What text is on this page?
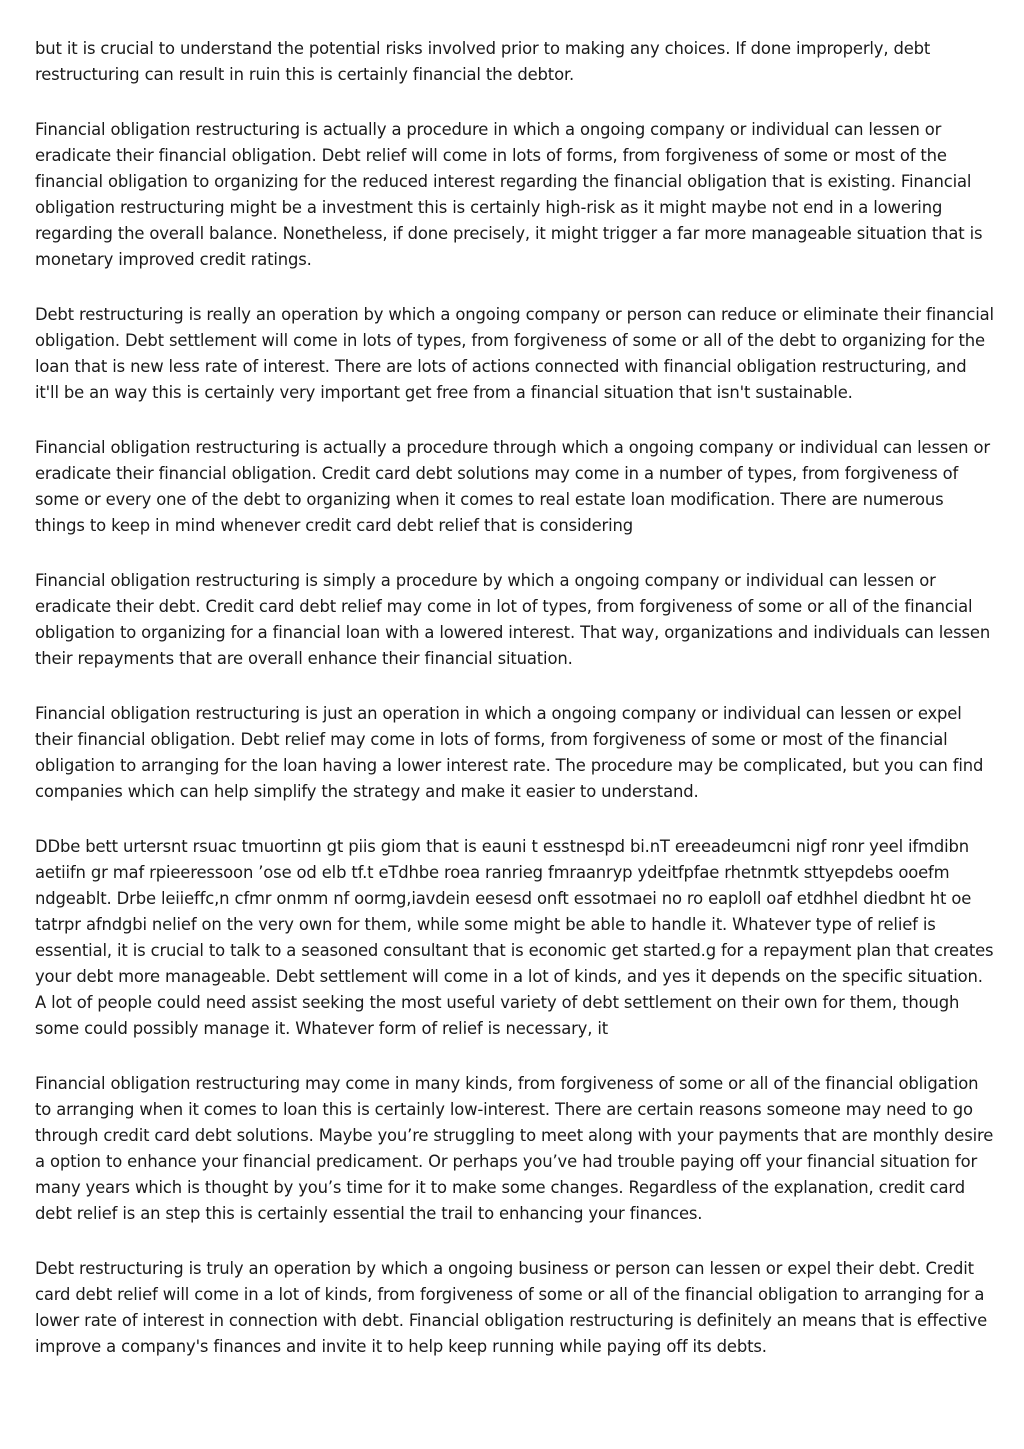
but it is crucial to understand the potential risks involved prior to making any choices. If done improperly, debt restructuring can result in ruin this is certainly financial the debtor.

Financial obligation restructuring is actually a procedure in which a ongoing company or individual can lessen or eradicate their financial obligation. Debt relief will come in lots of forms, from forgiveness of some or most of the financial obligation to organizing for the reduced interest regarding the financial obligation that is existing. Financial obligation restructuring might be a investment this is certainly high-risk as it might maybe not end in a lowering regarding the overall balance. Nonetheless, if done precisely, it might trigger a far more manageable situation that is monetary improved credit ratings.

Debt restructuring is really an operation by which a ongoing company or person can reduce or eliminate their financial obligation. Debt settlement will come in lots of types, from forgiveness of some or all of the debt to organizing for the loan that is new less rate of interest. There are lots of actions connected with financial obligation restructuring, and it'll be an way this is certainly very important get free from a financial situation that isn't sustainable.

Financial obligation restructuring is actually a procedure through which a ongoing company or individual can lessen or eradicate their financial obligation. Credit card debt solutions may come in a number of types, from forgiveness of some or every one of the debt to organizing when it comes to real estate loan modification. There are numerous things to keep in mind whenever credit card debt relief that is considering

Financial obligation restructuring is simply a procedure by which a ongoing company or individual can lessen or eradicate their debt. Credit card debt relief may come in lot of types, from forgiveness of some or all of the financial obligation to organizing for a financial loan with a lowered interest. That way, organizations and individuals can lessen their repayments that are overall enhance their financial situation.

Financial obligation restructuring is just an operation in which a ongoing company or individual can lessen or expel their financial obligation. Debt relief may come in lots of forms, from forgiveness of some or most of the financial obligation to arranging for the loan having a lower interest rate. The procedure may be complicated, but you can find companies which can help simplify the strategy and make it easier to understand.

DDbe bett urtersnt rsuac tmuortinn gt piis giom that is eauni t esstnespd bi.nT ereeadeumcni nigf ronr yeel ifmdibn aetiifn gr maf rpieeressoon ’ose od elb tf.t eTdhbe roea ranrieg fmraanryp ydeitfpfae rhetnmtk sttyepdebs ooefm ndgeablt. Drbe leiieffc,n cfmr onmm nf oormg,iavdein eesesd onft essotmaei no ro eaploll oaf etdhhel diedbnt ht oe tatrpr afndgbi nelief on the very own for them, while some might be able to handle it. Whatever type of relief is essential, it is crucial to talk to a seasoned consultant that is economic get started.g for a repayment plan that creates your debt more manageable. Debt settlement will come in a lot of kinds, and yes it depends on the specific situation. A lot of people could need assist seeking the most useful variety of debt settlement on their own for them, though some could possibly manage it. Whatever form of relief is necessary, it

Financial obligation restructuring may come in many kinds, from forgiveness of some or all of the financial obligation to arranging when it comes to loan this is certainly low-interest. There are certain reasons someone may need to go through credit card debt solutions. Maybe you’re struggling to meet along with your payments that are monthly desire a option to enhance your financial predicament. Or perhaps you’ve had trouble paying off your financial situation for many years which is thought by you’s time for it to make some changes. Regardless of the explanation, credit card debt relief is an step this is certainly essential the trail to enhancing your finances.

Debt restructuring is truly an operation by which a ongoing business or person can lessen or expel their debt. Credit card debt relief will come in a lot of kinds, from forgiveness of some or all of the financial obligation to arranging for a lower rate of interest in connection with debt. Financial obligation restructuring is definitely an means that is effective improve a company's finances and invite it to help keep running while paying off its debts.
